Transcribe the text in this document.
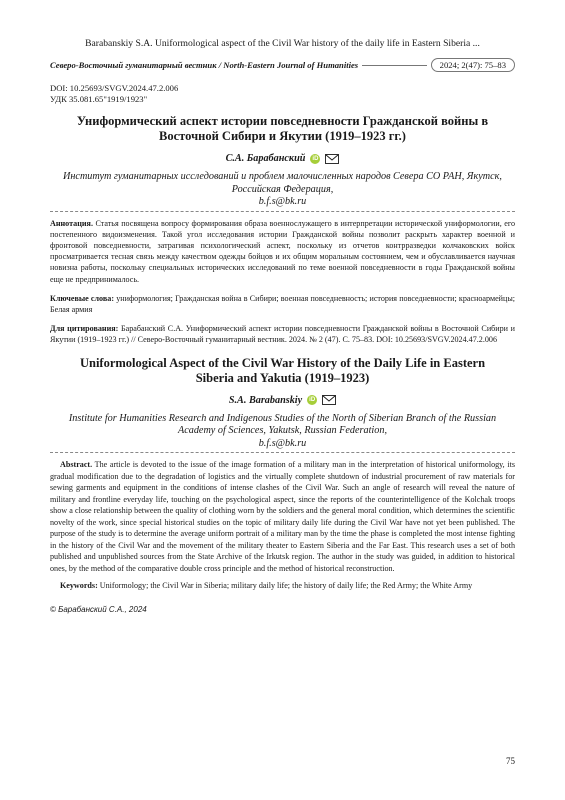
Barabanskiy S.A. Uniformological aspect of the Civil War history of the daily life in Eastern Siberia ...
Северо-Восточный гуманитарный вестник / North-Eastern Journal of Humanities	2024; 2(47): 75–83
DOI: 10.25693/SVGV.2024.47.2.006
УДК 35.081.65"1919/1923"
Униформический аспект истории повседневности Гражданской войны в Восточной Сибири и Якутии (1919–1923 гг.)
С.А. Барабанский	iD
Институт гуманитарных исследований и проблем малочисленных народов Севера СО РАН, Якутск, Российская Федерация,
b.f.s@bk.ru
Аннотация. Статья посвящена вопросу формирования образа военнослужащего в интерпретации исторической униформологии, его постепенного видоизменения. Такой угол исследования истории Гражданской войны позволит раскрыть характер военной и фронтовой повседневности, затрагивая психологический аспект, поскольку из отчетов контрразведки колчаковских войск просматривается тесная связь между качеством одежды бойцов и их общим моральным состоянием, чем и обуславливается научная новизна работы, поскольку специальных исторических исследований по теме военной повседневности в годы Гражданской войны еще не предпринималось.
Ключевые слова: униформология; Гражданская война в Сибири; военная повседневность; история повседневности; красноармейцы; Белая армия
Для цитирования: Барабанский С.А. Униформический аспект истории повседневности Гражданской войны в Восточной Сибири и Якутии (1919–1923 гг.) // Северо-Восточный гуманитарный вестник. 2024. № 2 (47). С. 75–83. DOI: 10.25693/SVGV.2024.47.2.006
Uniformological Aspect of the Civil War History of the Daily Life in Eastern Siberia and Yakutia (1919–1923)
S.A. Barabanskiy	iD
Institute for Humanities Research and Indigenous Studies of the North of Siberian Branch of the Russian Academy of Sciences, Yakutsk, Russian Federation,
b.f.s@bk.ru
Abstract. The article is devoted to the issue of the image formation of a military man in the interpretation of historical uniformology, its gradual modification due to the degradation of logistics and the virtually complete shutdown of industrial procurement of raw materials for sewing garments and equipment in the conditions of intense clashes of the Civil War. Such an angle of research will reveal the nature of military and frontline everyday life, touching on the psychological aspect, since the reports of the counterintelligence of the Kolchak troops show a close relationship between the quality of clothing worn by the soldiers and the general moral condition, which determines the scientific novelty of the work, since special historical studies on the topic of military daily life during the Civil War have not yet been published. The purpose of the study is to determine the average uniform portrait of a military man by the time the phase is completed the most intense fighting in the history of the Civil War and the movement of the military theater to Eastern Siberia and the Far East. This research uses a set of both published and unpublished sources from the State Archive of the Irkutsk region. The author in the study was guided, in addition to historical ones, by the method of the comparative double cross principle and the method of historical reconstruction.
Keywords: Uniformology; the Civil War in Siberia; military daily life; the history of daily life; the Red Army; the White Army
© Барабанский С.А., 2024
75
